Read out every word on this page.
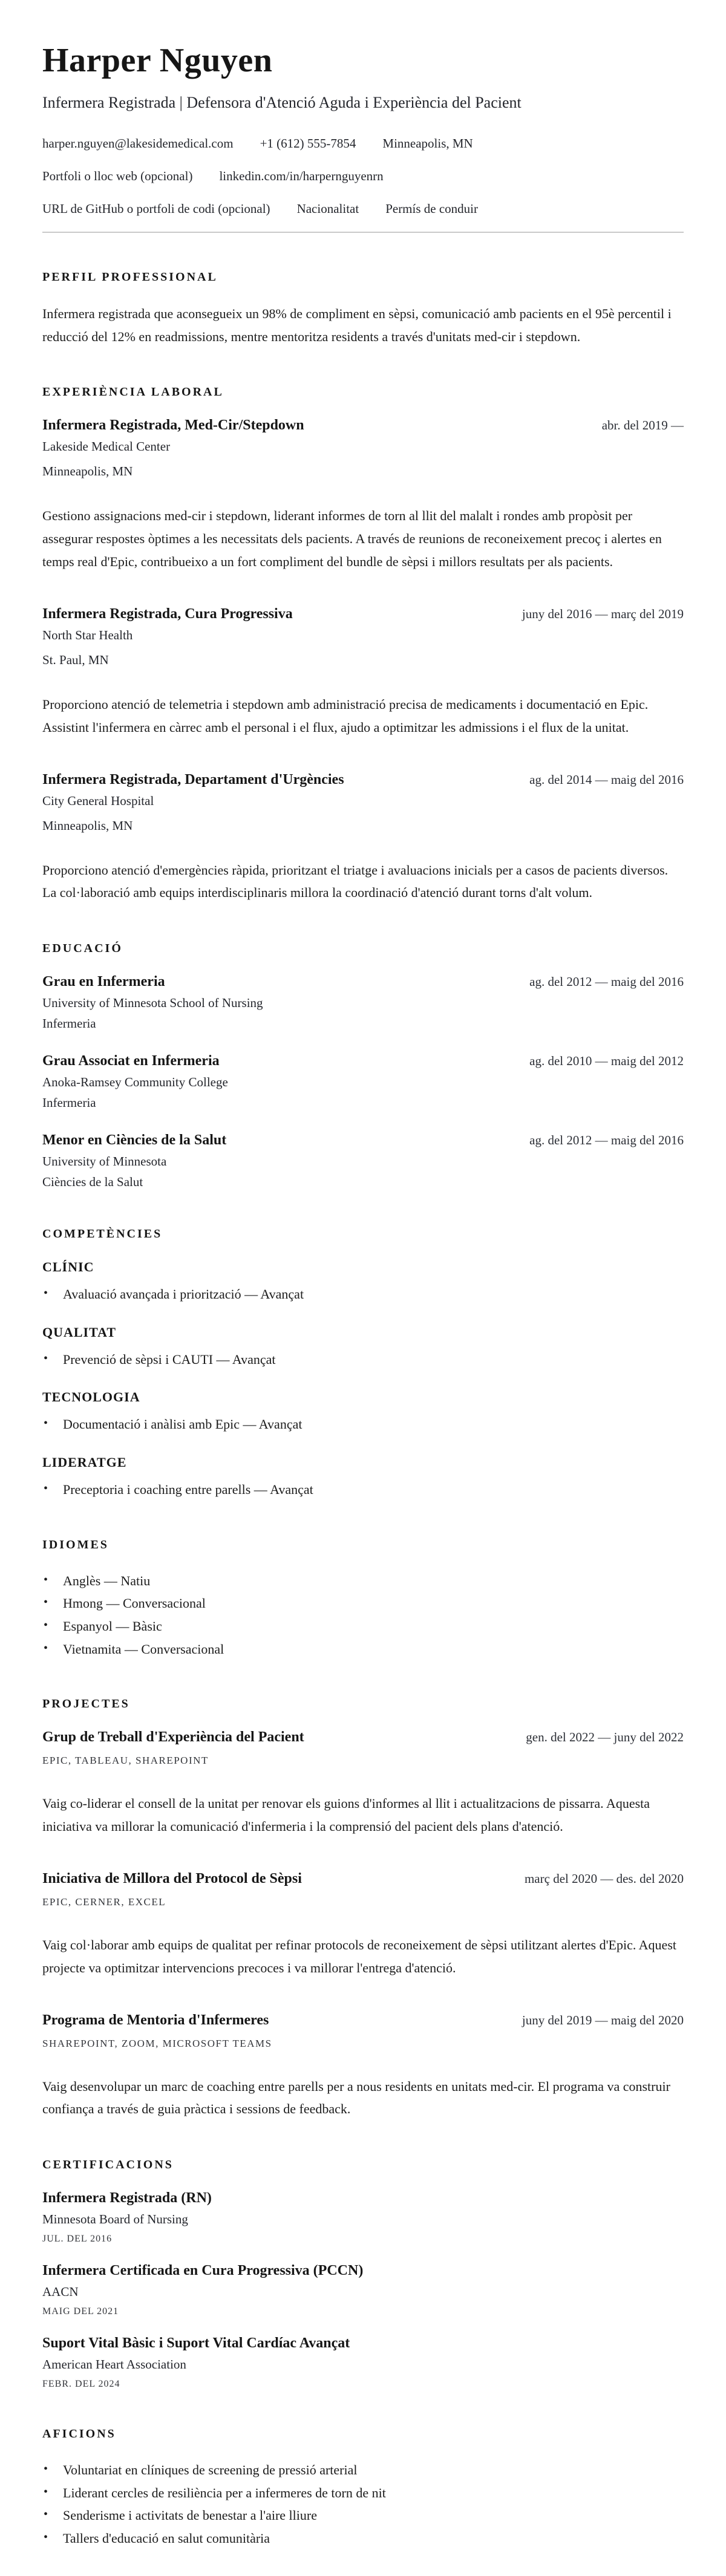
Harper Nguyen

Infermera Registrada | Defensora d'Atenció Aguda i Experiència del Pacient

harper.nguyen@lakesidemedical.com +1 (612) 555-7854 Minneapolis, MN
Portfoli o lloc web (opcional) linkedin.com/in/harpernguyenrn
URL de GitHub o portfoli de codi (opcional) Nacionalitat Permís de conduir
PERFIL PROFESSIONAL

Infermera registrada que aconsegueix un 98% de compliment en sèpsi, comunicació amb pacients en el 95è percentil i reducció del 12% en readmissions, mentre mentoritza residents a través d'unitats med-cir i stepdown.

EXPERIÈNCIA LABORAL
Infermera Registrada, Med-Cir/Stepdown	abr. del 2019 —
Lakeside Medical Center
Minneapolis, MN

Gestiono assignacions med-cir i stepdown, liderant informes de torn al llit del malalt i rondes amb propòsit per assegurar respostes òptimes a les necessitats dels pacients. A través de reunions de reconeixement precoç i alertes en temps real d'Epic, contribueixo a un fort compliment del bundle de sèpsi i millors resultats per als pacients.

Infermera Registrada, Cura Progressiva	juny del 2016 — març del 2019
North Star Health
St. Paul, MN

Proporciono atenció de telemetria i stepdown amb administració precisa de medicaments i documentació en Epic. Assistint l'infermera en càrrec amb el personal i el flux, ajudo a optimitzar les admissions i el flux de la unitat.

Infermera Registrada, Departament d'Urgències	ag. del 2014 — maig del 2016
City General Hospital
Minneapolis, MN

Proporciono atenció d'emergències ràpida, prioritzant el triatge i avaluacions inicials per a casos de pacients diversos. La col·laboració amb equips interdisciplinaris millora la coordinació d'atenció durant torns d'alt volum.

EDUCACIÓ
Grau en Infermeria	ag. del 2012 — maig del 2016
University of Minnesota School of Nursing
Infermeria
Grau Associat en Infermeria	ag. del 2010 — maig del 2012
Anoka-Ramsey Community College
Infermeria
Menor en Ciències de la Salut	ag. del 2012 — maig del 2016
University of Minnesota
Ciències de la Salut
COMPETÈNCIES
CLÍNIC
• Avaluació avançada i priorització — Avançat
QUALITAT
• Prevenció de sèpsi i CAUTI — Avançat
TECNOLOGIA
• Documentació i anàlisi amb Epic — Avançat
LIDERATGE
• Preceptoria i coaching entre parells — Avançat
IDIOMES
• Anglès — Natiu
• Hmong — Conversacional
• Espanyol — Bàsic
• Vietnamita — Conversacional
PROJECTES
Grup de Treball d'Experiència del Pacient	gen. del 2022 — juny del 2022
EPIC, TABLEAU, SHAREPOINT

Vaig co-liderar el consell de la unitat per renovar els guions d'informes al llit i actualitzacions de pissarra. Aquesta iniciativa va millorar la comunicació d'infermeria i la comprensió del pacient dels plans d'atenció.

Iniciativa de Millora del Protocol de Sèpsi	març del 2020 — des. del 2020
EPIC, CERNER, EXCEL

Vaig col·laborar amb equips de qualitat per refinar protocols de reconeixement de sèpsi utilitzant alertes d'Epic. Aquest projecte va optimitzar intervencions precoces i va millorar l'entrega d'atenció.

Programa de Mentoria d'Infermeres	juny del 2019 — maig del 2020
SHAREPOINT, ZOOM, MICROSOFT TEAMS

Vaig desenvolupar un marc de coaching entre parells per a nous residents en unitats med-cir. El programa va construir confiança a través de guia pràctica i sessions de feedback.

CERTIFICACIONS
Infermera Registrada (RN)
Minnesota Board of Nursing
JUL. DEL 2016
Infermera Certificada en Cura Progressiva (PCCN)
AACN
MAIG DEL 2021
Suport Vital Bàsic i Suport Vital Cardíac Avançat
American Heart Association
FEBR. DEL 2024
AFICIONS
• Voluntariat en clíniques de screening de pressió arterial
• Liderant cercles de resiliència per a infermeres de torn de nit
• Senderisme i activitats de benestar a l'aire lliure
• Tallers d'educació en salut comunitària
